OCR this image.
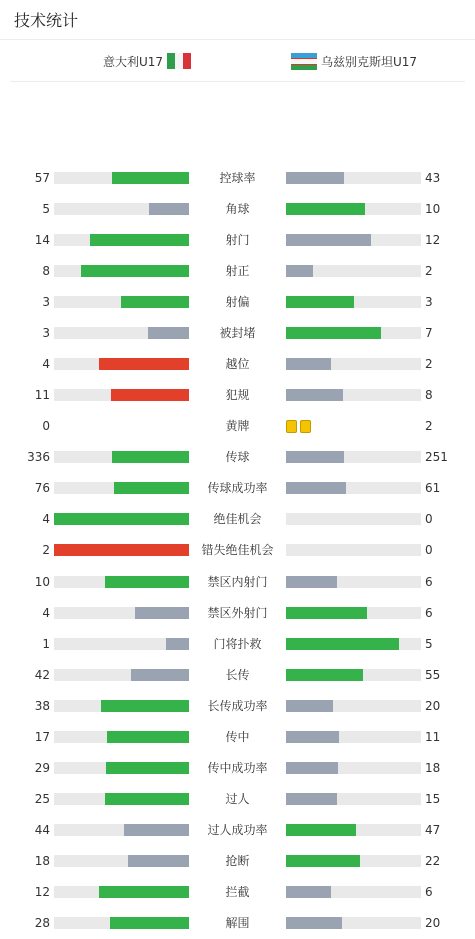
技术统计
意大利U17	乌兹别克斯坦U17
57	控球率	43
5	角球	10
14	射门	12
8	射正	2
3	射偏	3
3	被封堵	7
4	越位	2
11	犯规	8
0	黄牌	2
336	传球	251
76	传球成功率	61
4	绝佳机会	0
2	错失绝佳机会	0
10	禁区内射门	6
4	禁区外射门	6
1	门将扑救	5
42	长传	55
38	长传成功率	20
17	传中	11
29	传中成功率	18
25	过人	15
44	过人成功率	47
18	抢断	22
12	拦截	6
28	解围	20
